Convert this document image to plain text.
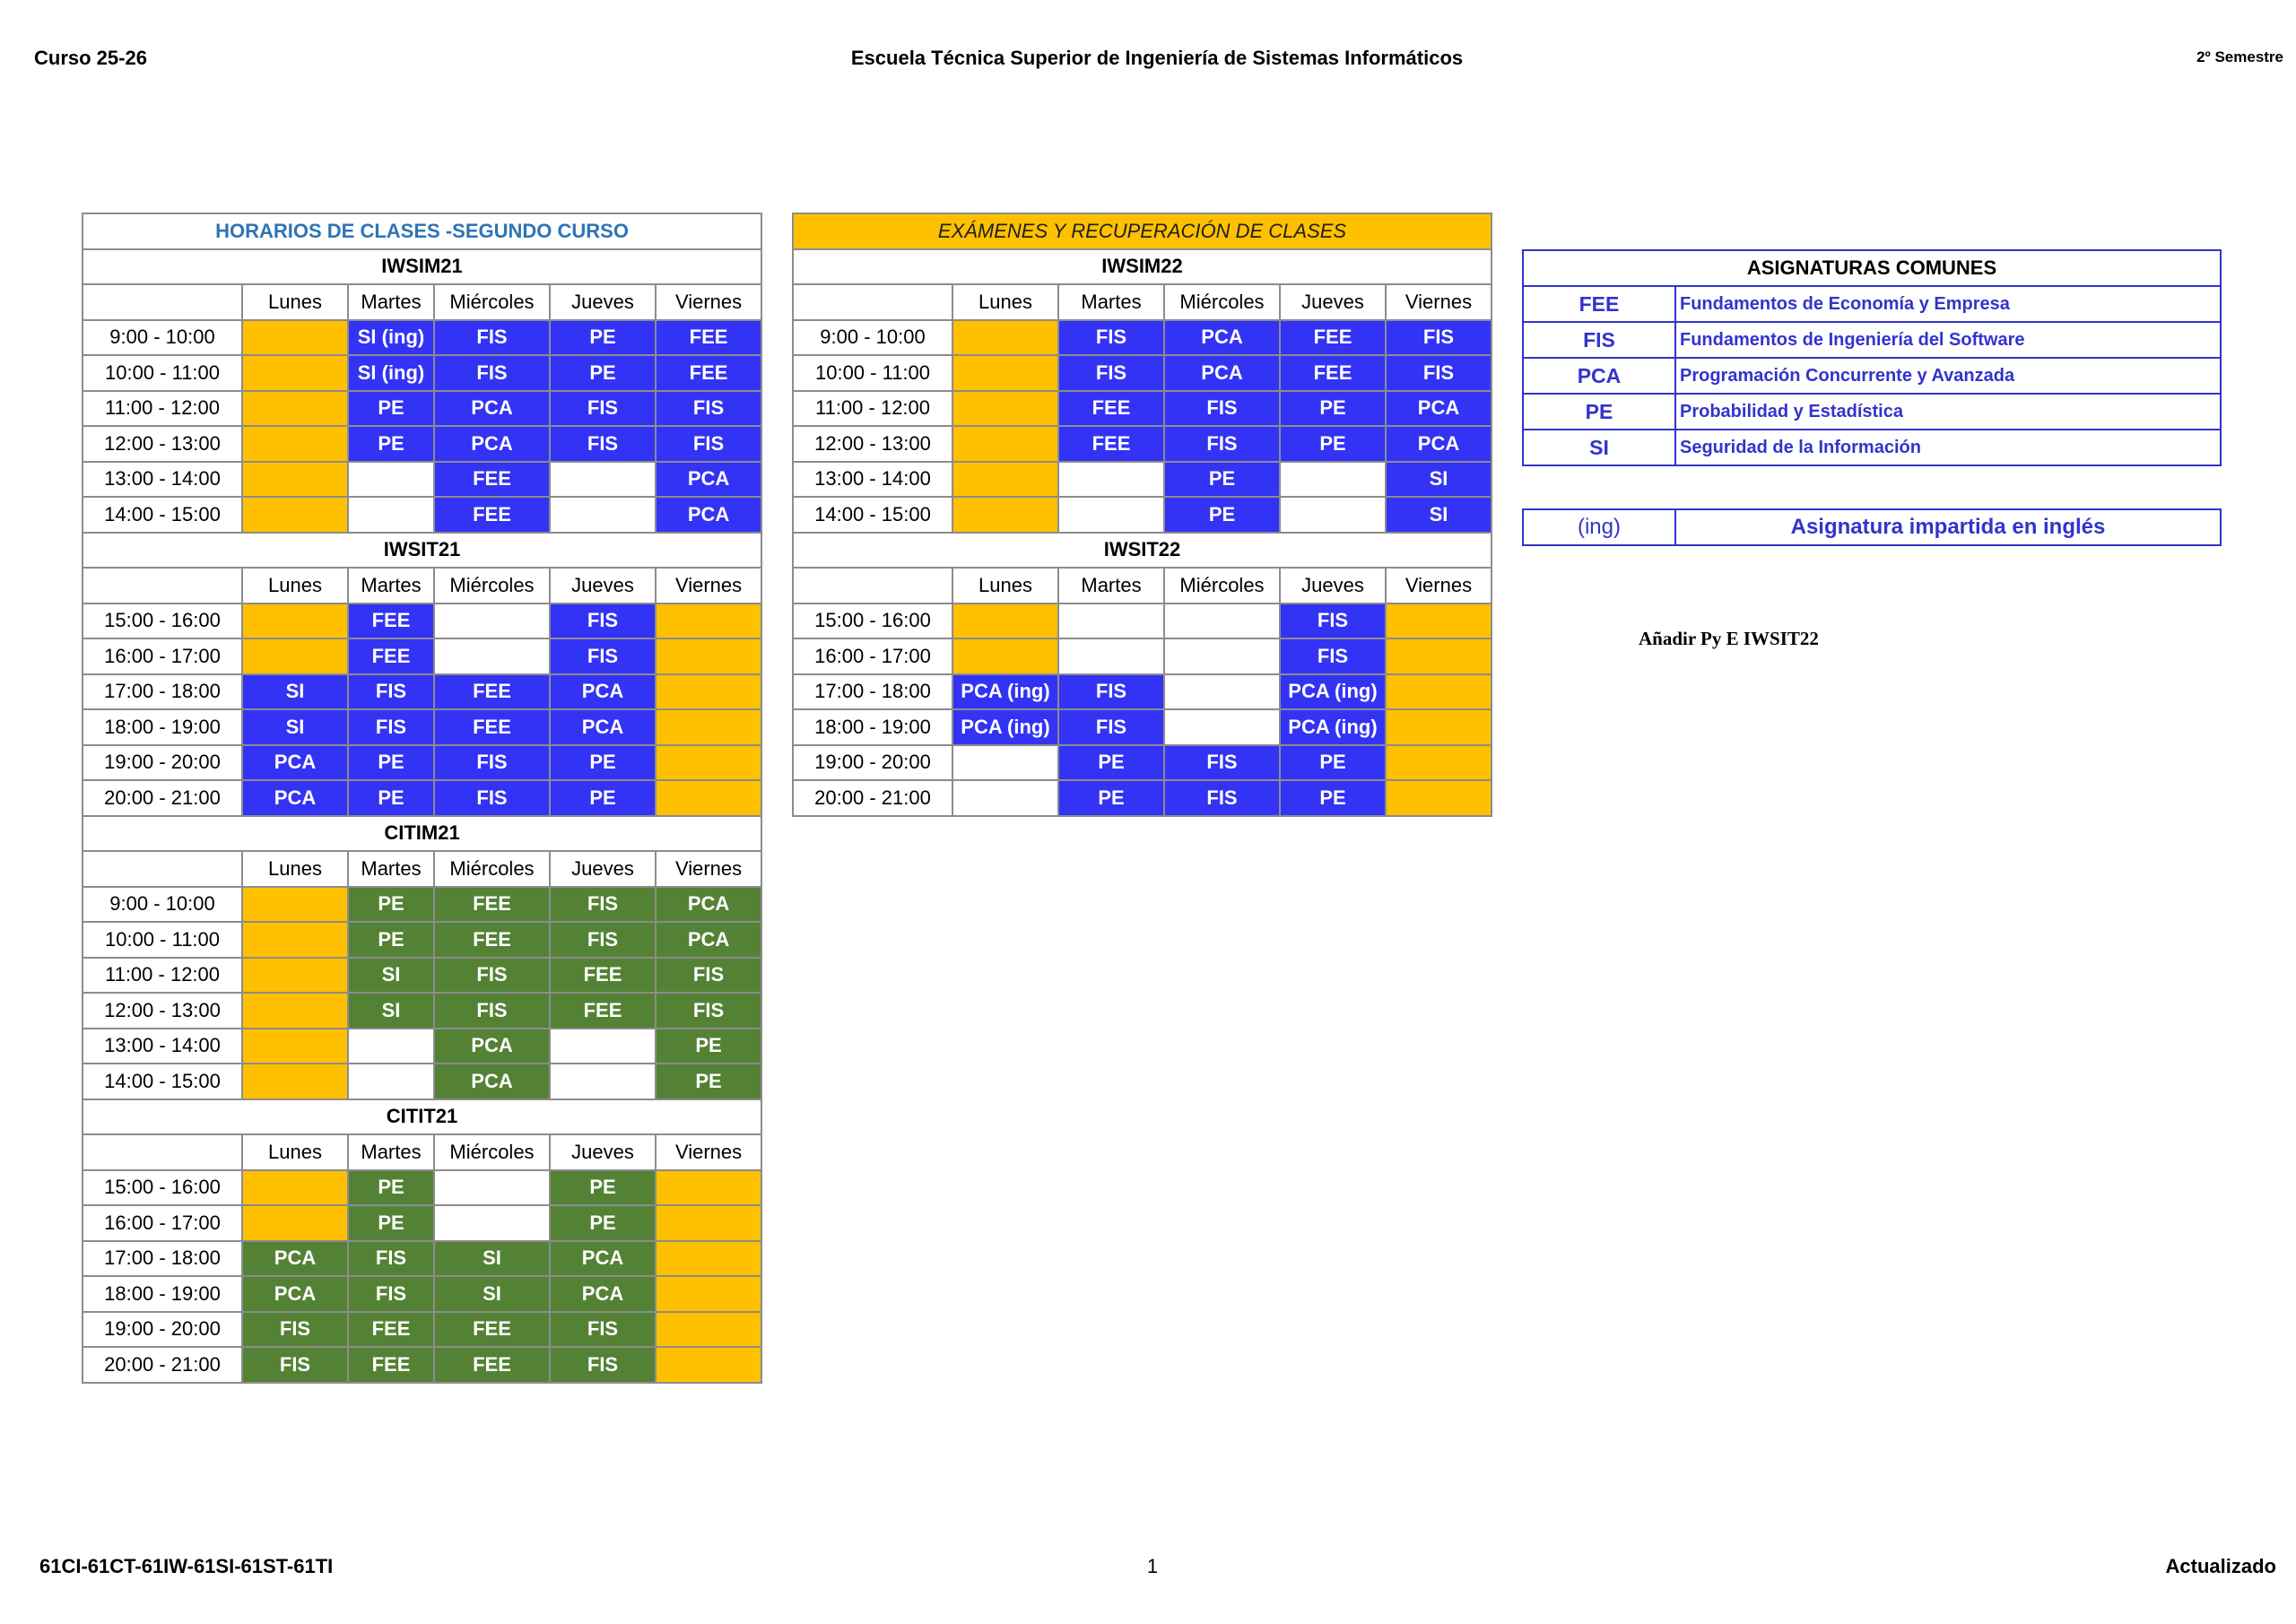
Curso 25-26	Escuela Técnica Superior de Ingeniería de Sistemas Informáticos	2º Semestre
HORARIOS DE CLASES -SEGUNDO CURSO					
IWSIM21					
	Lunes	Martes	Miércoles	Jueves	Viernes
9:00 - 10:00		SI (ing)	FIS	PE	FEE
10:00 - 11:00		SI (ing)	FIS	PE	FEE
11:00 - 12:00		PE	PCA	FIS	FIS
12:00 - 13:00		PE	PCA	FIS	FIS
13:00 - 14:00			FEE		PCA
14:00 - 15:00			FEE		PCA
IWSIT21					
	Lunes	Martes	Miércoles	Jueves	Viernes
15:00 - 16:00		FEE		FIS	
16:00 - 17:00		FEE		FIS	
17:00 - 18:00	SI	FIS	FEE	PCA	
18:00 - 19:00	SI	FIS	FEE	PCA	
19:00 - 20:00	PCA	PE	FIS	PE	
20:00 - 21:00	PCA	PE	FIS	PE	
CITIM21					
	Lunes	Martes	Miércoles	Jueves	Viernes
9:00 - 10:00		PE	FEE	FIS	PCA
10:00 - 11:00		PE	FEE	FIS	PCA
11:00 - 12:00		SI	FIS	FEE	FIS
12:00 - 13:00		SI	FIS	FEE	FIS
13:00 - 14:00			PCA		PE
14:00 - 15:00			PCA		PE
CITIT21					
	Lunes	Martes	Miércoles	Jueves	Viernes
15:00 - 16:00		PE		PE	
16:00 - 17:00		PE		PE	
17:00 - 18:00	PCA	FIS	SI	PCA	
18:00 - 19:00	PCA	FIS	SI	PCA	
19:00 - 20:00	FIS	FEE	FEE	FIS	
20:00 - 21:00	FIS	FEE	FEE	FIS	
EXÁMENES Y RECUPERACIÓN DE CLASES					
IWSIM22					
	Lunes	Martes	Miércoles	Jueves	Viernes
9:00 - 10:00		FIS	PCA	FEE	FIS
10:00 - 11:00		FIS	PCA	FEE	FIS
11:00 - 12:00		FEE	FIS	PE	PCA
12:00 - 13:00		FEE	FIS	PE	PCA
13:00 - 14:00			PE		SI
14:00 - 15:00			PE		SI
IWSIT22					
	Lunes	Martes	Miércoles	Jueves	Viernes
15:00 - 16:00				FIS	
16:00 - 17:00				FIS	
17:00 - 18:00	PCA (ing)	FIS		PCA (ing)	
18:00 - 19:00	PCA (ing)	FIS		PCA (ing)	
19:00 - 20:00		PE	FIS	PE	
20:00 - 21:00		PE	FIS	PE	
ASIGNATURAS COMUNES	
FEE	Fundamentos de Economía y Empresa
FIS	Fundamentos de Ingeniería del Software
PCA	Programación Concurrente y Avanzada
PE	Probabilidad y Estadística
SI	Seguridad de la Información
(ing)	Asignatura impartida en inglés
Añadir Py E IWSIT22
61CI-61CT-61IW-61SI-61ST-61TI	1	Actualizado
